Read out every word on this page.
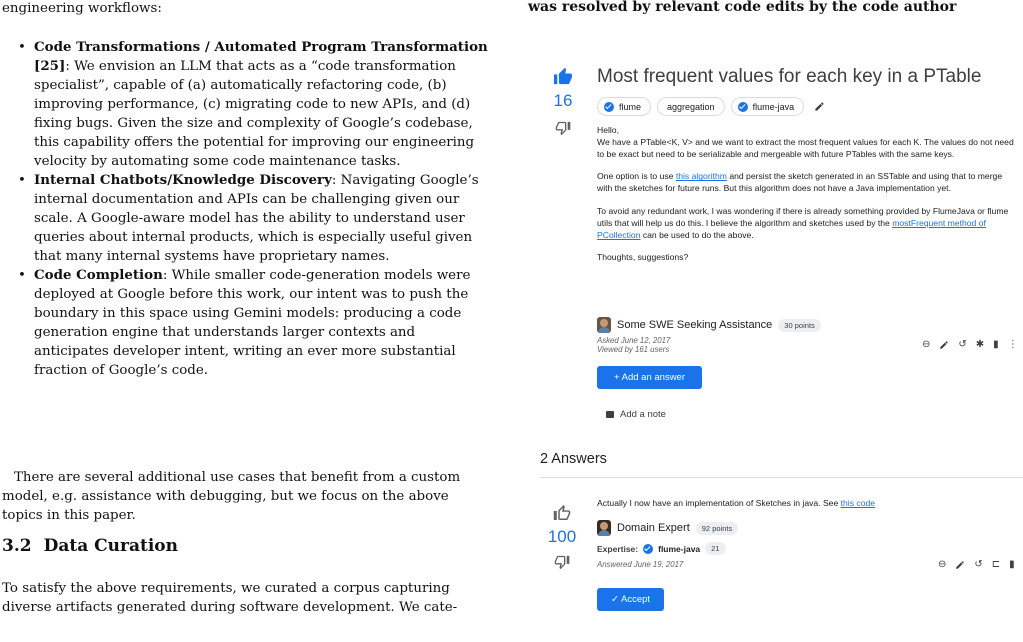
engineering workflows:

• Code Transformations / Automated Program Transformation [25]: We envision an LLM that acts as a “code transformation specialist”, capable of (a) automatically refactoring code, (b) improving performance, (c) migrating code to new APIs, and (d) fixing bugs. Given the size and complexity of Google’s codebase, this capability offers the potential for improving our engineering velocity by automating some code maintenance tasks.
• Internal Chatbots/Knowledge Discovery: Navigating Google’s internal documentation and APIs can be challenging given our scale. A Google-aware model has the ability to understand user queries about internal products, which is especially useful given that many internal systems have proprietary names.
• Code Completion: While smaller code-generation models were deployed at Google before this work, our intent was to push the boundary in this space using Gemini models: producing a code generation engine that understands larger contexts and anticipates developer intent, writing an ever more substantial fraction of Google’s code.

There are several additional use cases that benefit from a custom model, e.g. assistance with debugging, but we focus on the above topics in this paper.

3.2 Data Curation

To satisfy the above requirements, we curated a corpus capturing diverse artifacts generated during software development. We cate-

was resolved by relevant code edits by the code author
16
Most frequent values for each key in a PTable
flume	aggregation	flume-java
Hello,
We have a PTable<K, V> and we want to extract the most frequent values for each K. The values do not need to be exact but need to be serializable and mergeable with future PTables with the same keys.
One option is to use this algorithm and persist the sketch generated in an SSTable and using that to merge with the sketches for future runs. But this algorithm does not have a Java implementation yet.
To avoid any redundant work, I was wondering if there is already something provided by FlumeJava or flume utils that will help us do this. I believe the algorithm and sketches used by the mostFrequent method of PCollection can be used to do the above.
Thoughts, suggestions?
Some SWE Seeking Assistance	30 points
Asked June 12, 2017
Viewed by 161 users	⊖	↺ ✱ ▮ ⋮
+ Add an answer
Add a note
2 Answers
100
Actually I now have an implementation of Sketches in java. See this code
Domain Expert	92 points
Expertise: flume-java	21
Answered June 19, 2017	⊖	↺ ⊏ ▮
✓ Accept
